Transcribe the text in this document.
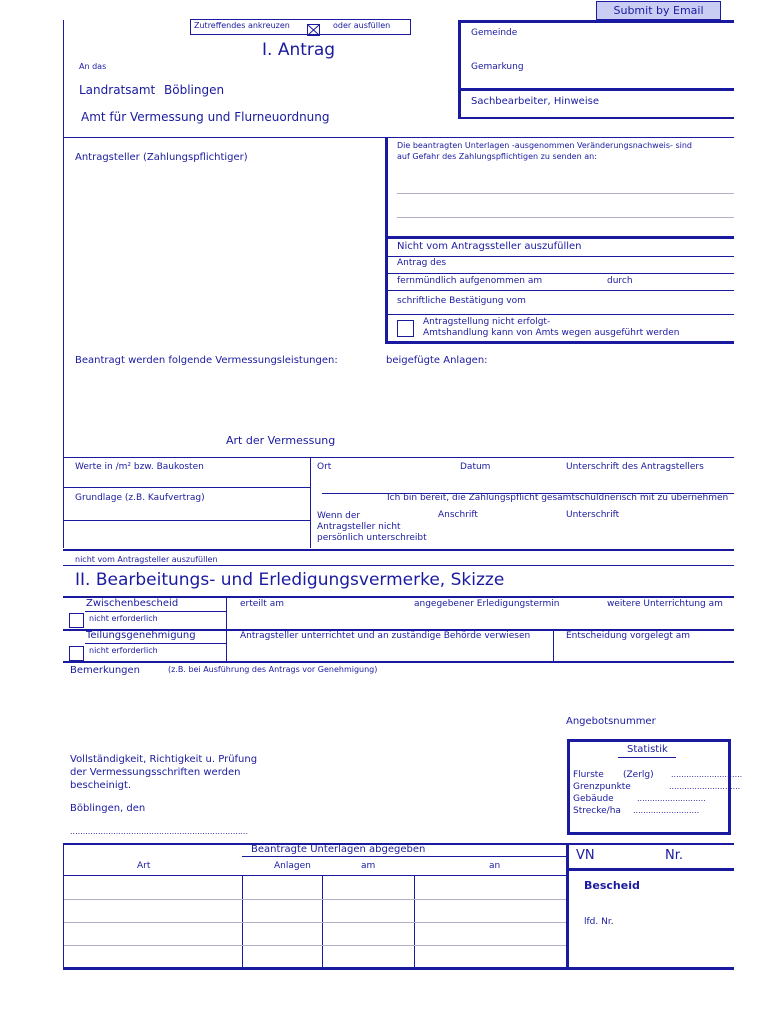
Submit by Email
Zutreffendes ankreuzen ☒ oder ausfüllen
I. Antrag
An das
Landratsamt Böblingen
Amt für Vermessung und Flurneuordnung
Gemeinde
Gemarkung
Sachbearbeiter, Hinweise
Antragsteller (Zahlungspflichtiger)
Die beantragten Unterlagen -ausgenommen Veränderungsnachweis- sind
auf Gefahr des Zahlungspflichtigen zu senden an:
Nicht vom Antragssteller auszufüllen
Antrag des
fernmündlich aufgenommen am	durch
schriftliche Bestätigung vom
Antragstellung nicht erfolgt-
Amtshandlung kann von Amts wegen ausgeführt werden
Beantragt werden folgende Vermessungsleistungen:	beigefügte Anlagen:
Art der Vermessung
Werte in /m² bzw. Baukosten	Ort	Datum	Unterschrift des Antragstellers
Grundlage (z.B. Kaufvertrag)	Ich bin bereit, die Zahlungspflicht gesamtschuldnerisch mit zu übernehmen
Wenn der
Antragsteller nicht
persönlich unterschreibt
Anschrift	Unterschrift
nicht vom Antragsteller auszufüllen
II. Bearbeitungs- und Erledigungsvermerke, Skizze
Zwischenbescheid	erteilt am	angegebener Erledigungstermin	weitere Unterrichtung am
nicht erforderlich
Teilungsgenehmigung	Antragsteller unterrichtet und an zuständige Behörde verwiesen	Entscheidung vorgelegt am
nicht erforderlich
Bemerkungen	(z.B. bei Ausführung des Antrags vor Genehmigung)
Angebotsnummer
Vollständigkeit, Richtigkeit u. Prüfung
der Vermessungsschriften werden
bescheinigt.
Böblingen, den
......................................................................
Statistik
Flurste (Zerlg) ............................
Grenzpunkte	............................
Gebäude	...........................
Strecke/ha ..........................
Beantragte Unterlagen abgegeben
Art	Anlagen	am	an
VN	Nr.
Bescheid
lfd. Nr.
